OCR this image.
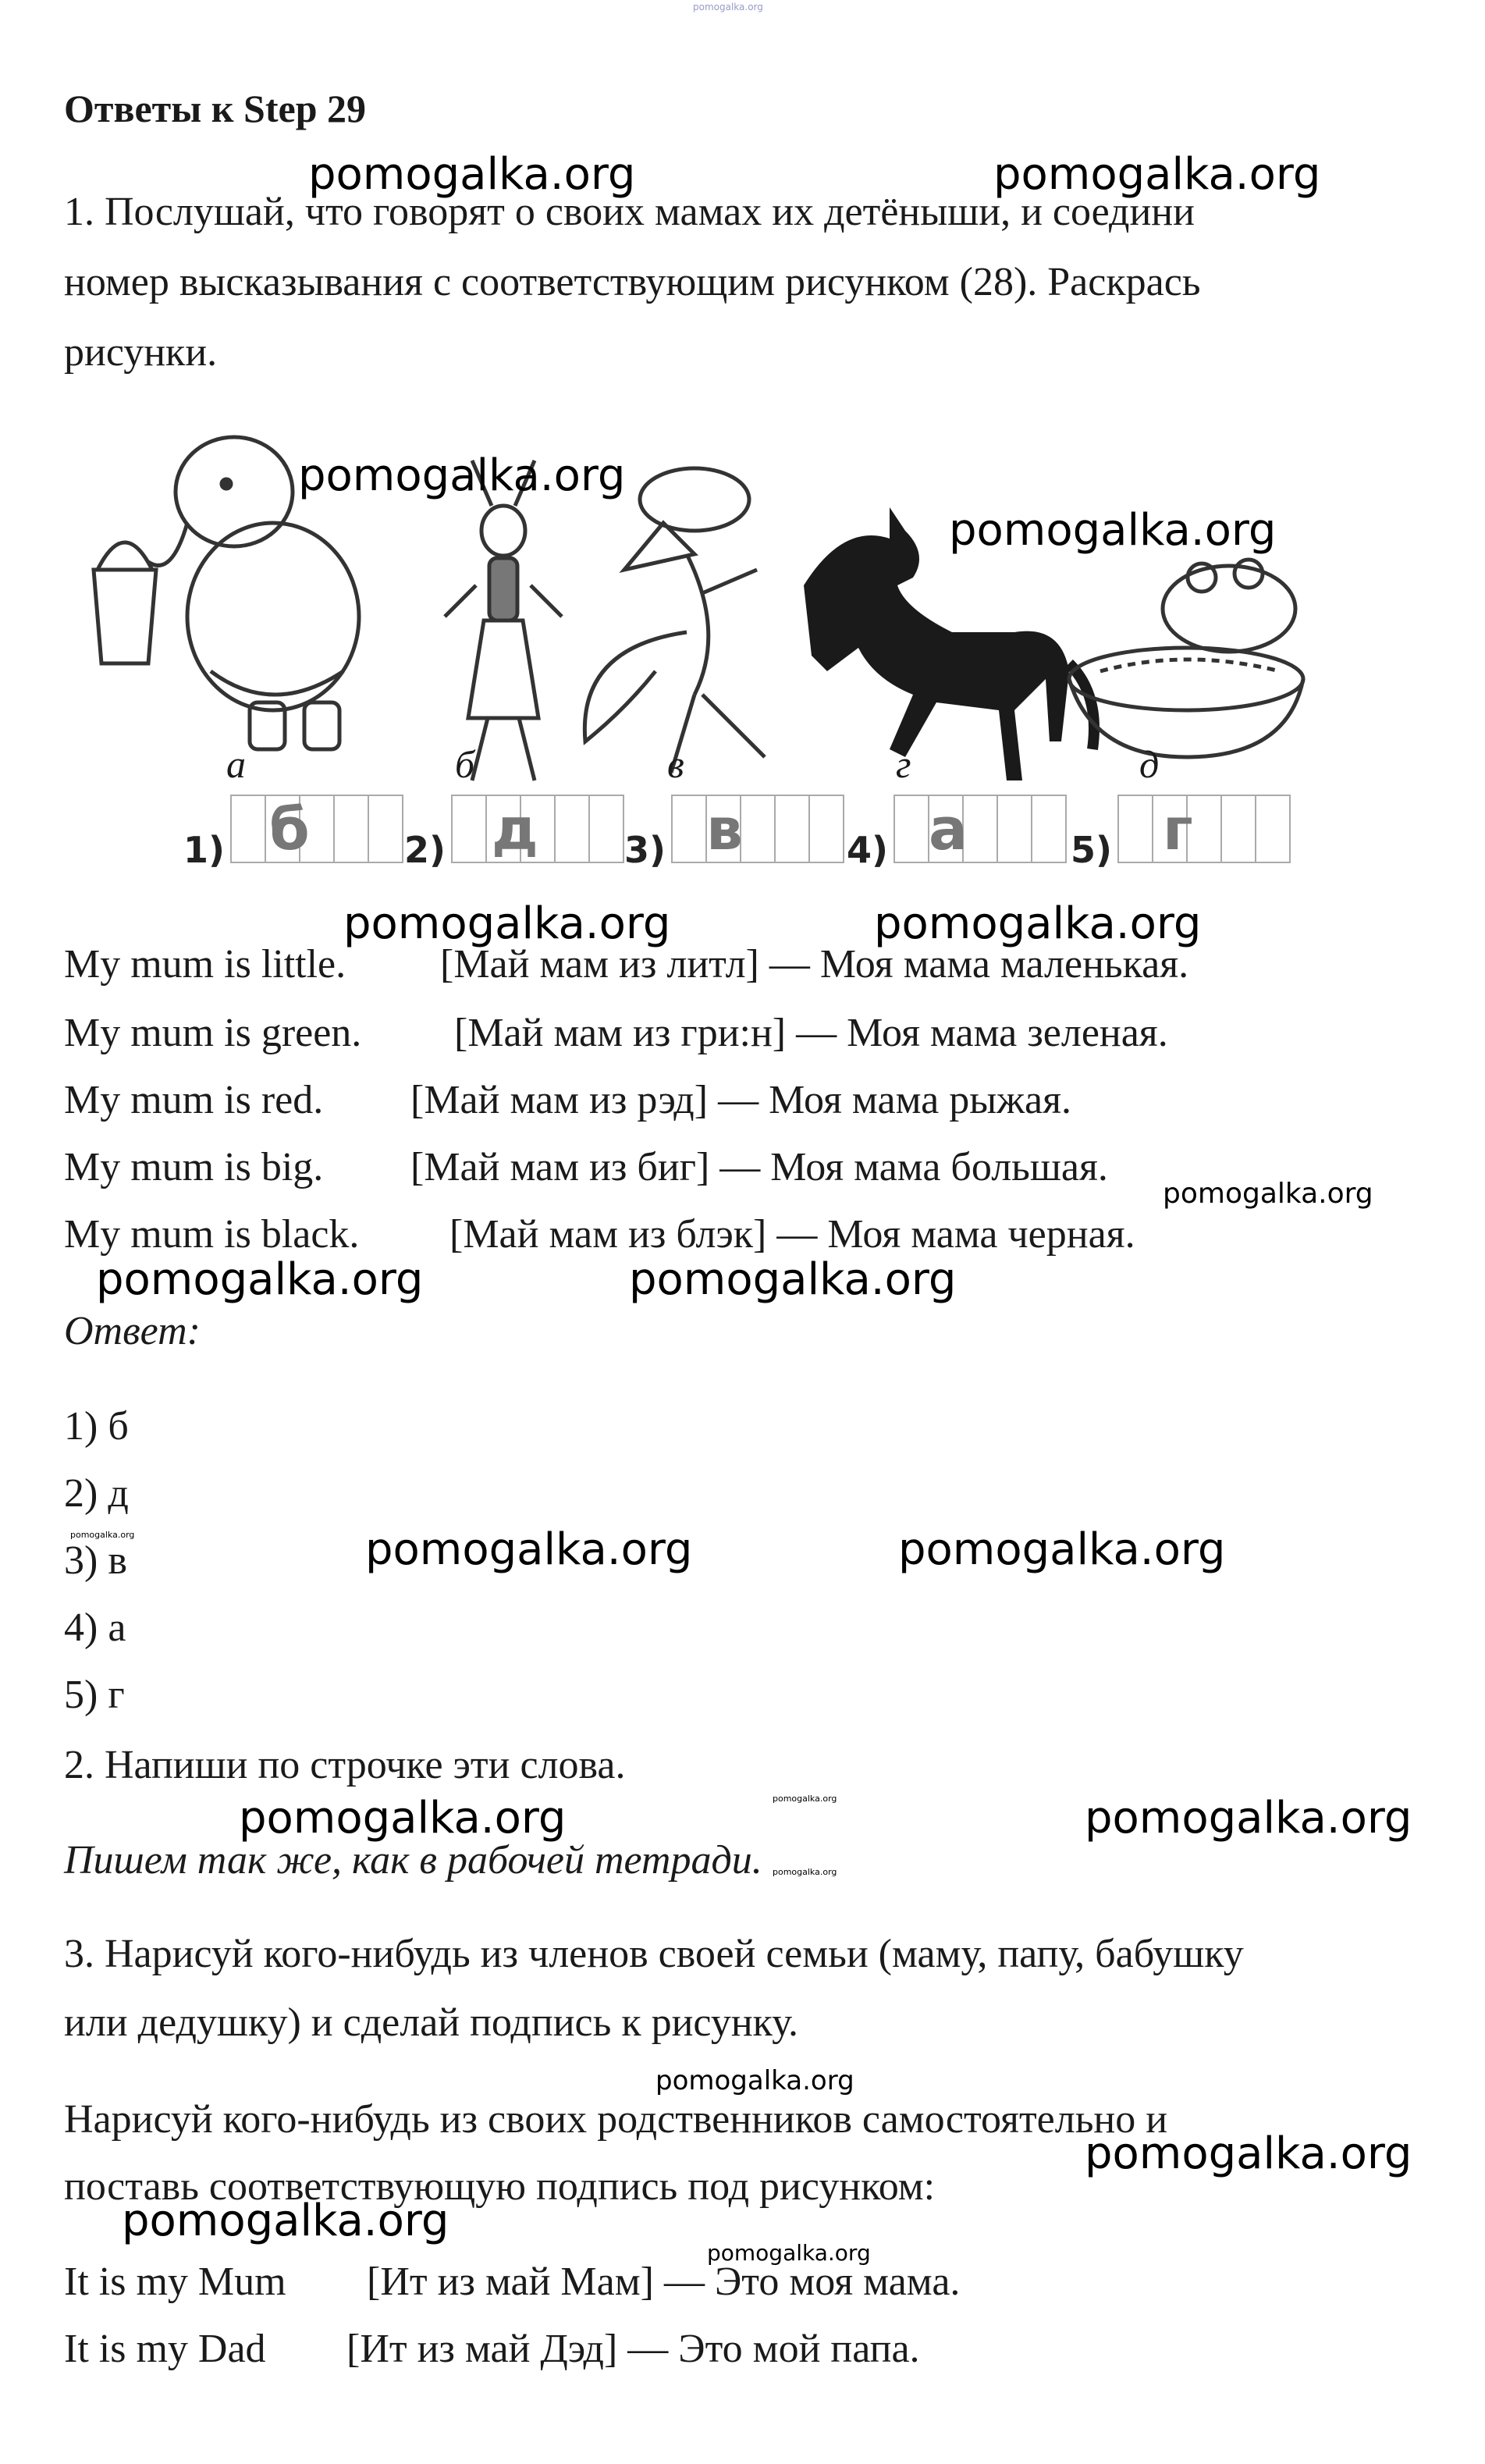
pomogalka.org
Ответы к Step 29
pomogalka.org	pomogalka.org
1. Послушай, что говорят о своих мамах их детёныши, и соедини
номер высказывания с соответствующим рисунком (28). Раскрась
рисунки.
pomogalka.org
pomogalka.org
а	б	в	г	д
1) б	2) д 3) в	4) а	5) г
pomogalka.org	pomogalka.org
My mum is little. [Май мам из литл] — Моя мама маленькая.
My mum is green. [Май мам из гри:н] — Моя мама зеленая.
My mum is red. [Май мам из рэд] — Моя мама рыжая.
My mum is big. [Май мам из биг] — Моя мама большая.
pomogalka.org
My mum is black. [Май мам из блэк] — Моя мама черная.
pomogalka.org	pomogalka.org
Ответ:
1) б
2) д
pomogalka.org
3) в	pomogalka.org	pomogalka.org
4) а
5) г
2. Напиши по строчке эти слова.
pomogalka.org	pomogalka.org	pomogalka.org
Пишем так же, как в рабочей тетради. pomogalka.org
3. Нарисуй кого-нибудь из членов своей семьи (маму, папу, бабушку
или дедушку) и сделай подпись к рисунку.
pomogalka.org
Нарисуй кого-нибудь из своих родственников самостоятельно и
pomogalka.org
поставь соответствующую подпись под рисунком:
pomogalka.org
pomogalka.org
It is my Mum [Ит из май Мам] — Это моя мама.
It is my Dad [Ит из май Дэд] — Это мой папа.
